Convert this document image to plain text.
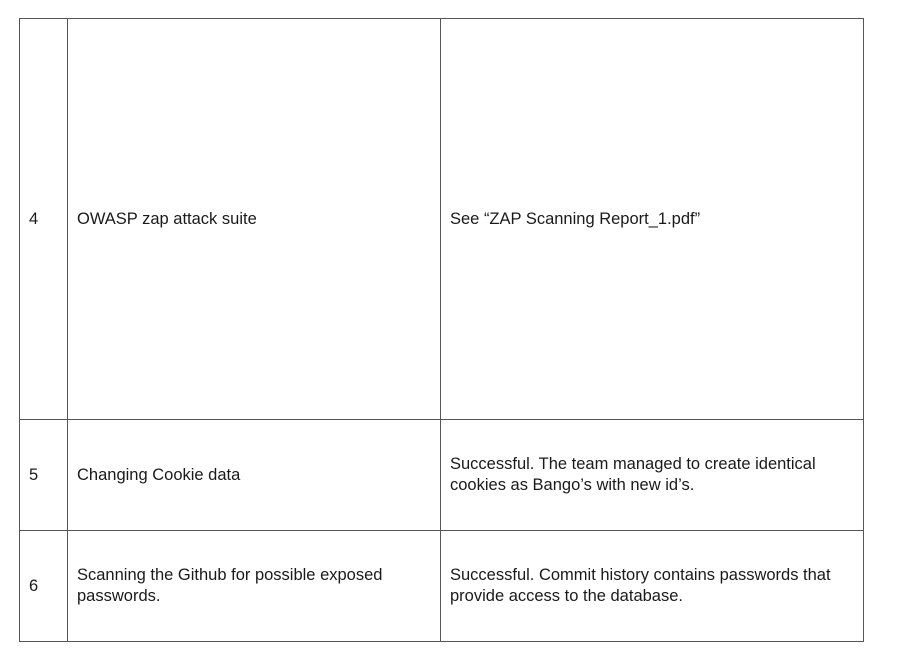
4	OWASP zap attack suite	See “ZAP Scanning Report_1.pdf”
5	Changing Cookie data	Successful. The team managed to create identical cookies as Bango’s with new id’s.
6	Scanning the Github for possible exposed passwords.	Successful. Commit history contains passwords that provide access to the database.
